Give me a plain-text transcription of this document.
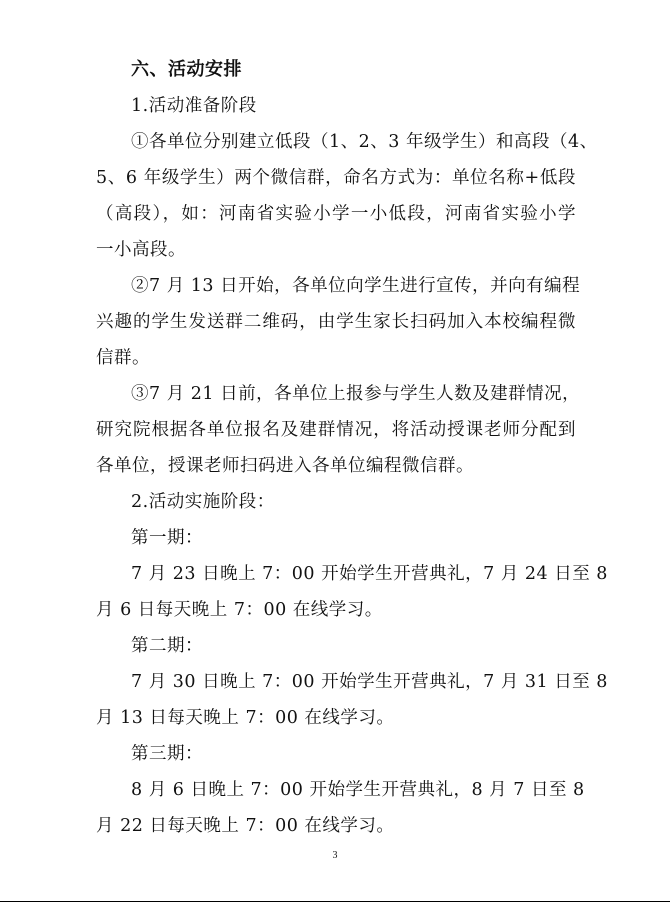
六、活动安排
1.活动准备阶段
①各单位分别建立低段（1、2、3 年级学生）和高段（4、
5、6 年级学生）两个微信群，命名方式为：单位名称+低段
（高段），如：河南省实验小学一小低段，河南省实验小学
一小高段。
②7 月 13 日开始，各单位向学生进行宣传，并向有编程
兴趣的学生发送群二维码，由学生家长扫码加入本校编程微
信群。
③7 月 21 日前，各单位上报参与学生人数及建群情况，
研究院根据各单位报名及建群情况，将活动授课老师分配到
各单位，授课老师扫码进入各单位编程微信群。
2.活动实施阶段：
第一期：
7 月 23 日晚上 7：00 开始学生开营典礼，7 月 24 日至 8
月 6 日每天晚上 7：00 在线学习。
第二期：
7 月 30 日晚上 7：00 开始学生开营典礼，7 月 31 日至 8
月 13 日每天晚上 7：00 在线学习。
第三期：
8 月 6 日晚上 7：00 开始学生开营典礼，8 月 7 日至 8
月 22 日每天晚上 7：00 在线学习。
3
